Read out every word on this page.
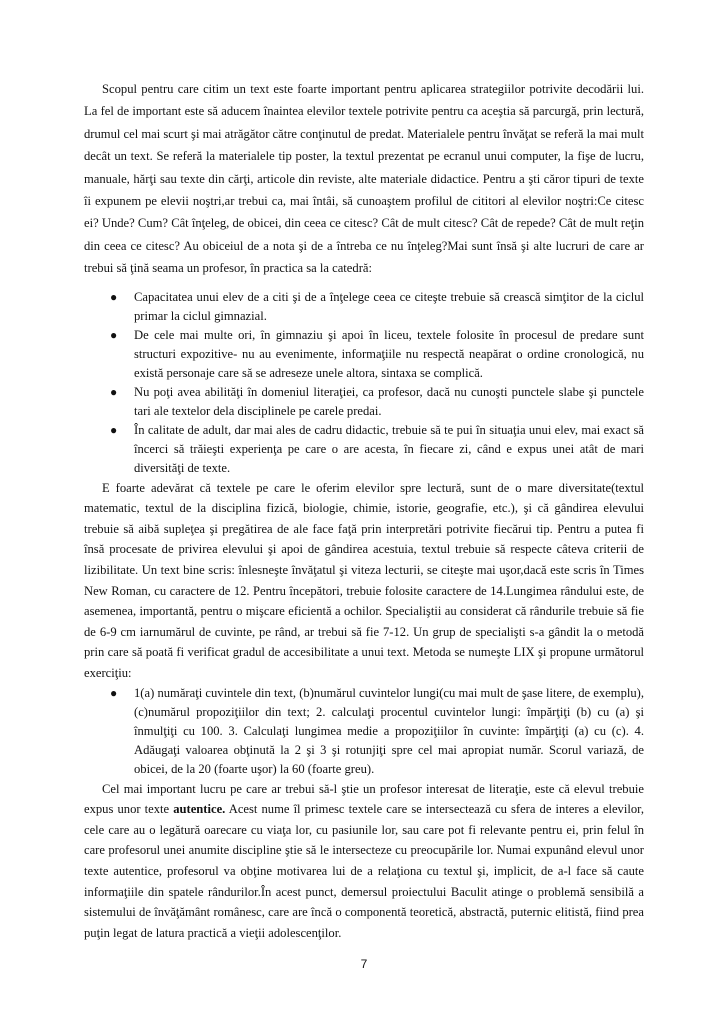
Scopul pentru care citim un text este foarte important pentru aplicarea strategiilor potrivite decodării lui. La fel de important este să aducem înaintea elevilor textele potrivite pentru ca aceştia să parcurgă, prin lectură, drumul cel mai scurt şi mai atrăgător către conţinutul de predat. Materialele pentru învăţat se referă la mai mult decât un text. Se referă la materialele tip poster, la textul prezentat pe ecranul unui computer, la fişe de lucru, manuale, hărţi sau texte din cărţi, articole din reviste, alte materiale didactice. Pentru a şti căror tipuri de texte îi expunem pe elevii noştri,ar trebui ca, mai întâi, să cunoaştem profilul de cititori al elevilor noştri:Ce citesc ei? Unde? Cum? Cât înţeleg, de obicei, din ceea ce citesc? Cât de mult citesc? Cât de repede? Cât de mult reţin din ceea ce citesc? Au obiceiul de a nota şi de a întreba ce nu înţeleg?Mai sunt însă şi alte lucruri de care ar trebui să ţină seama un profesor, în practica sa la catedră:

● Capacitatea unui elev de a citi şi de a înţelege ceea ce citeşte trebuie să crească simţitor de la ciclul primar la ciclul gimnazial.
● De cele mai multe ori, în gimnaziu şi apoi în liceu, textele folosite în procesul de predare sunt structuri expozitive- nu au evenimente, informaţiile nu respectă neapărat o ordine cronologică, nu există personaje care să se adreseze unele altora, sintaxa se complică.
● Nu poţi avea abilităţi în domeniul literaţiei, ca profesor, dacă nu cunoşti punctele slabe şi punctele tari ale textelor dela disciplinele pe carele predai.
● În calitate de adult, dar mai ales de cadru didactic, trebuie să te pui în situaţia unui elev, mai exact să încerci să trăieşti experienţa pe care o are acesta, în fiecare zi, când e expus unei atât de mari diversităţi de texte.

E foarte adevărat că textele pe care le oferim elevilor spre lectură, sunt de o mare diversitate(textul matematic, textul de la disciplina fizică, biologie, chimie, istorie, geografie, etc.), şi că gândirea elevului trebuie să aibă supleţea şi pregătirea de ale face faţă prin interpretări potrivite fiecărui tip. Pentru a putea fi însă procesate de privirea elevului şi apoi de gândirea acestuia, textul trebuie să respecte câteva criterii de lizibilitate. Un text bine scris: înlesneşte învăţatul şi viteza lecturii, se citeşte mai uşor,dacă este scris în Times New Roman, cu caractere de 12. Pentru începători, trebuie folosite caractere de 14.Lungimea rândului este, de asemenea, importantă, pentru o mişcare eficientă a ochilor. Specialiştii au considerat că rândurile trebuie să fie de 6-9 cm iarnumărul de cuvinte, pe rând, ar trebui să fie 7-12. Un grup de specialişti s-a gândit la o metodă prin care să poată fi verificat gradul de accesibilitate a unui text. Metoda se numeşte LIX şi propune următorul exerciţiu:

● 1(a) număraţi cuvintele din text, (b)numărul cuvintelor lungi(cu mai mult de şase litere, de exemplu), (c)numărul propoziţiilor din text; 2. calculaţi procentul cuvintelor lungi: împărţiţi (b) cu (a) şi înmulţiţi cu 100. 3. Calculaţi lungimea medie a propoziţiilor în cuvinte: împărţiţi (a) cu (c). 4. Adăugaţi valoarea obţinută la 2 şi 3 şi rotunjiţi spre cel mai apropiat număr. Scorul variază, de obicei, de la 20 (foarte uşor) la 60 (foarte greu).

Cel mai important lucru pe care ar trebui să-l ştie un profesor interesat de literaţie, este că elevul trebuie expus unor texte autentice. Acest nume îl primesc textele care se intersectează cu sfera de interes a elevilor, cele care au o legătură oarecare cu viaţa lor, cu pasiunile lor, sau care pot fi relevante pentru ei, prin felul în care profesorul unei anumite discipline ştie să le intersecteze cu preocupările lor. Numai expunând elevul unor texte autentice, profesorul va obţine motivarea lui de a relaţiona cu textul şi, implicit, de a-l face să caute informaţiile din spatele rândurilor.În acest punct, demersul proiectului Baculit atinge o problemă sensibilă a sistemului de învăţământ românesc, care are încă o componentă teoretică, abstractă, puternic elitistă, fiind prea puţin legat de latura practică a vieţii adolescenţilor.

7
